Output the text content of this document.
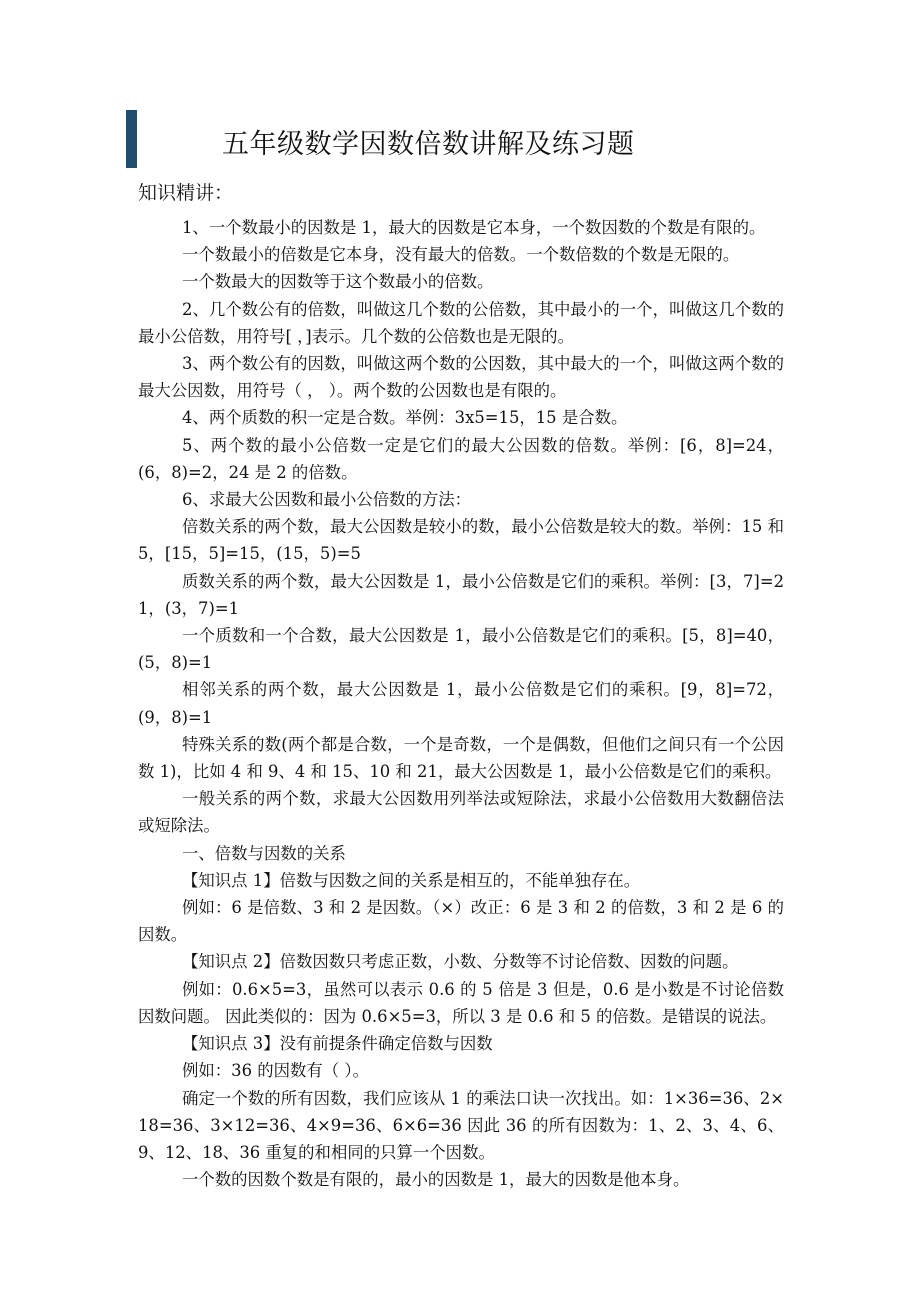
五年级数学因数倍数讲解及练习题
知识精讲：

1、一个数最小的因数是 1，最大的因数是它本身，一个数因数的个数是有限的。

一个数最小的倍数是它本身，没有最大的倍数。一个数倍数的个数是无限的。

一个数最大的因数等于这个数最小的倍数。

2、几个数公有的倍数，叫做这几个数的公倍数，其中最小的一个，叫做这几个数的最小公倍数，用符号[ ，]表示。几个数的公倍数也是无限的。

3、两个数公有的因数，叫做这两个数的公因数，其中最大的一个，叫做这两个数的最大公因数，用符号（ ， ）。两个数的公因数也是有限的。

4、两个质数的积一定是合数。举例：3x5=15，15 是合数。

5、两个数的最小公倍数一定是它们的最大公因数的倍数。举例：[6，8]=24，(6，8)=2，24 是 2 的倍数。

6、求最大公因数和最小公倍数的方法：

倍数关系的两个数，最大公因数是较小的数，最小公倍数是较大的数。举例：15 和 5，[15，5]=15，(15，5)=5

质数关系的两个数，最大公因数是 1，最小公倍数是它们的乘积。举例：[3，7]=21，(3，7)=1

一个质数和一个合数，最大公因数是 1，最小公倍数是它们的乘积。[5，8]=40，(5，8)=1

相邻关系的两个数，最大公因数是 1，最小公倍数是它们的乘积。[9，8]=72，(9，8)=1

特殊关系的数(两个都是合数，一个是奇数，一个是偶数，但他们之间只有一个公因数 1)，比如 4 和 9、4 和 15、10 和 21，最大公因数是 1，最小公倍数是它们的乘积。

一般关系的两个数，求最大公因数用列举法或短除法，求最小公倍数用大数翻倍法或短除法。

一、倍数与因数的关系

【知识点 1】倍数与因数之间的关系是相互的，不能单独存在。

例如：6 是倍数、3 和 2 是因数。（×）改正：6 是 3 和 2 的倍数，3 和 2 是 6 的因数。

【知识点 2】倍数因数只考虑正数，小数、分数等不讨论倍数、因数的问题。

例如：0.6×5=3，虽然可以表示 0.6 的 5 倍是 3 但是，0.6 是小数是不讨论倍数因数问题。 因此类似的：因为 0.6×5=3，所以 3 是 0.6 和 5 的倍数。是错误的说法。

【知识点 3】没有前提条件确定倍数与因数

例如：36 的因数有（ ）。

确定一个数的所有因数，我们应该从 1 的乘法口诀一次找出。如：1×36=36、2×18=36、3×12=36、4×9=36、6×6=36 因此 36 的所有因数为：1、2、3、4、6、9、12、18、36 重复的和相同的只算一个因数。

一个数的因数个数是有限的，最小的因数是 1，最大的因数是他本身。
